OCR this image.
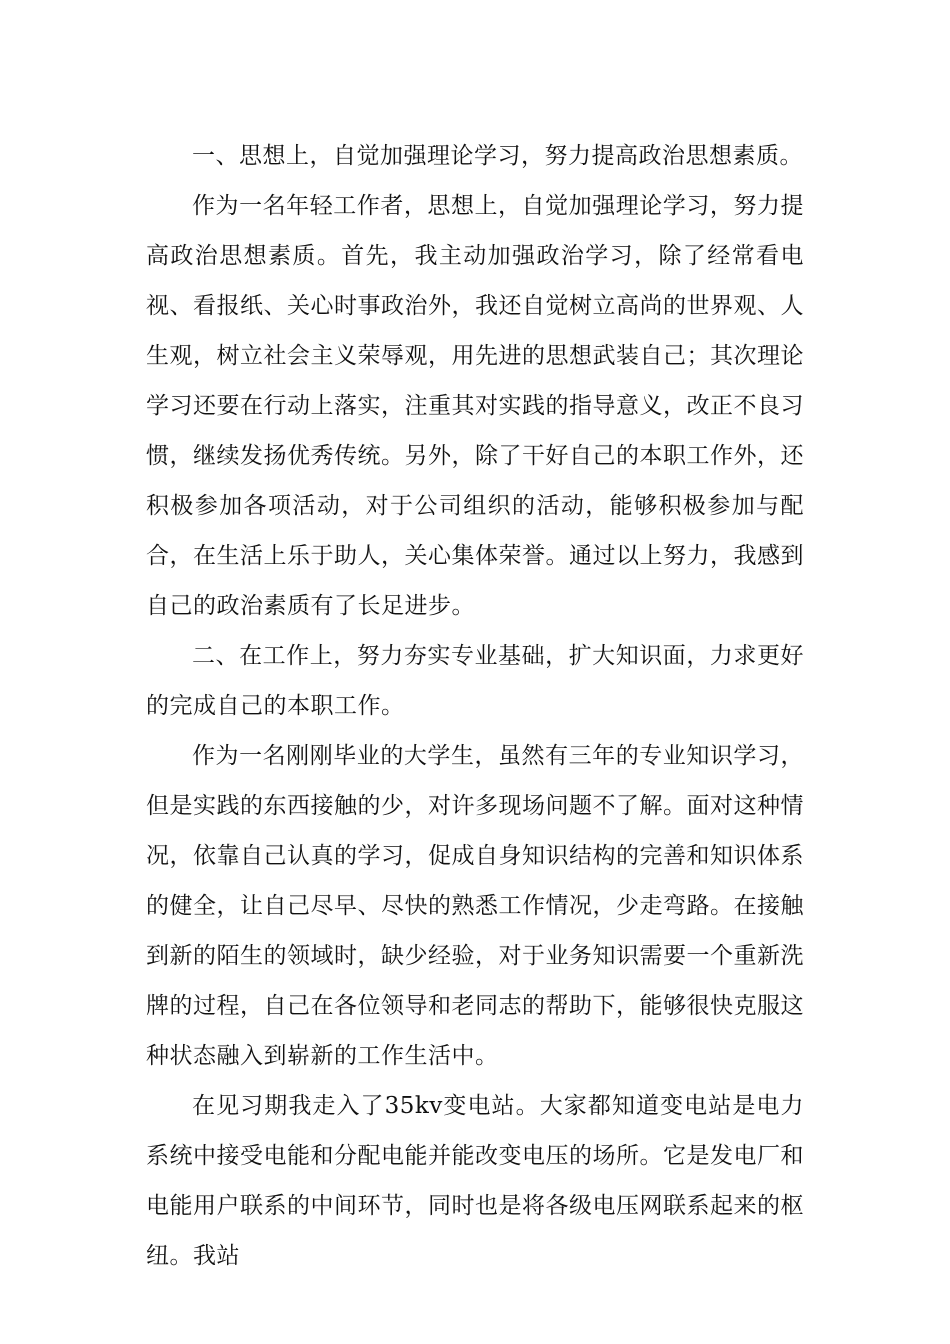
一、思想上，自觉加强理论学习，努力提高政治思想素质。

作为一名年轻工作者，思想上，自觉加强理论学习，努力提高政治思想素质。首先，我主动加强政治学习，除了经常看电视、看报纸、关心时事政治外，我还自觉树立高尚的世界观、人生观，树立社会主义荣辱观，用先进的思想武装自己；其次理论学习还要在行动上落实，注重其对实践的指导意义，改正不良习惯，继续发扬优秀传统。另外，除了干好自己的本职工作外，还积极参加各项活动，对于公司组织的活动，能够积极参加与配合，在生活上乐于助人，关心集体荣誉。通过以上努力，我感到自己的政治素质有了长足进步。

二、在工作上，努力夯实专业基础，扩大知识面，力求更好的完成自己的本职工作。

作为一名刚刚毕业的大学生，虽然有三年的专业知识学习，但是实践的东西接触的少，对许多现场问题不了解。面对这种情况，依靠自己认真的学习，促成自身知识结构的完善和知识体系的健全，让自己尽早、尽快的熟悉工作情况，少走弯路。在接触到新的陌生的领域时，缺少经验，对于业务知识需要一个重新洗牌的过程，自己在各位领导和老同志的帮助下，能够很快克服这种状态融入到崭新的工作生活中。

在见习期我走入了35kv变电站。大家都知道变电站是电力系统中接受电能和分配电能并能改变电压的场所。它是发电厂和电能用户联系的中间环节，同时也是将各级电压网联系起来的枢纽。我站
